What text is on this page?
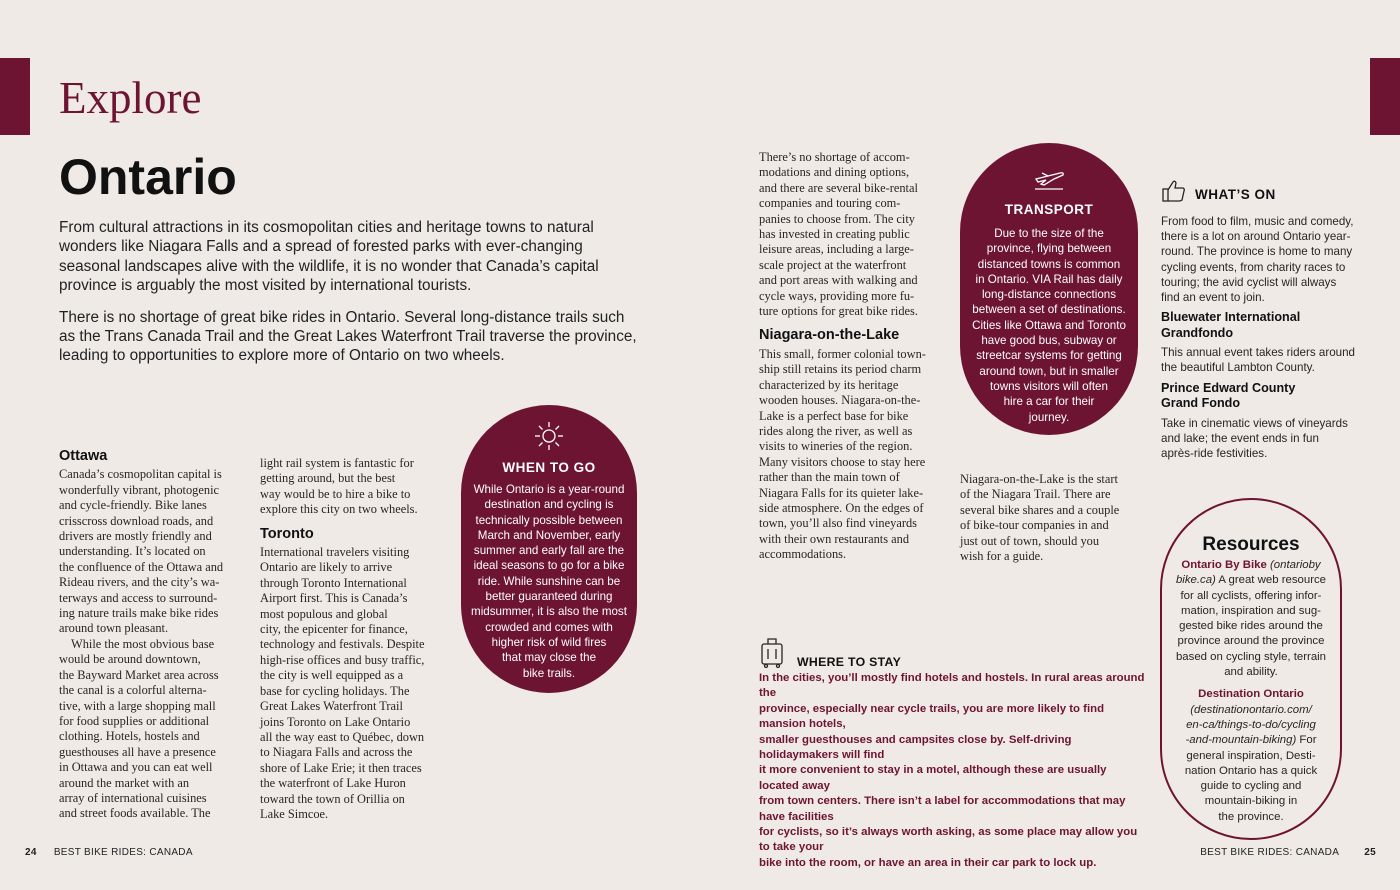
Explore
Ontario

From cultural attractions in its cosmopolitan cities and heritage towns to natural wonders like Niagara Falls and a spread of forested parks with ever-changing seasonal landscapes alive with the wildlife, it is no wonder that Canada’s capital province is arguably the most visited by international tourists.

There is no shortage of great bike rides in Ontario. Several long-distance trails such as the Trans Canada Trail and the Great Lakes Waterfront Trail traverse the province, leading to opportunities to explore more of Ontario on two wheels.

Ottawa
Canada’s cosmopolitan capital is
wonderfully vibrant, photogenic
and cycle-friendly. Bike lanes
crisscross download roads, and
drivers are mostly friendly and
understanding. It’s located on
the confluence of the Ottawa and
Rideau rivers, and the city’s wa-
terways and access to surround-
ing nature trails make bike rides
around town pleasant.
While the most obvious base
would be around downtown,
the Bayward Market area across
the canal is a colorful alterna-
tive, with a large shopping mall
for food supplies or additional
clothing. Hotels, hostels and
guesthouses all have a presence
in Ottawa and you can eat well
around the market with an
array of international cuisines
and street foods available. The
light rail system is fantastic for
getting around, but the best
way would be to hire a bike to
explore this city on two wheels.
Toronto
International travelers visiting
Ontario are likely to arrive
through Toronto International
Airport first. This is Canada’s
most populous and global
city, the epicenter for finance,
technology and festivals. Despite
high-rise offices and busy traffic,
the city is well equipped as a
base for cycling holidays. The
Great Lakes Waterfront Trail
joins Toronto on Lake Ontario
all the way east to Québec, down
to Niagara Falls and across the
shore of Lake Erie; it then traces
the waterfront of Lake Huron
toward the town of Orillia on
Lake Simcoe.
WHEN TO GO
While Ontario is a year-round
destination and cycling is
technically possible between
March and November, early
summer and early fall are the
ideal seasons to go for a bike
ride. While sunshine can be
better guaranteed during
midsummer, it is also the most
crowded and comes with
higher risk of wild fires
that may close the
bike trails.
There’s no shortage of accom-
modations and dining options,
and there are several bike-rental
companies and touring com-
panies to choose from. The city
has invested in creating public
leisure areas, including a large-
scale project at the waterfront
and port areas with walking and
cycle ways, providing more fu-
ture options for great bike rides.
Niagara-on-the-Lake
This small, former colonial town-
ship still retains its period charm
characterized by its heritage
wooden houses. Niagara-on-the-
Lake is a perfect base for bike
rides along the river, as well as
visits to wineries of the region.
Many visitors choose to stay here
rather than the main town of
Niagara Falls for its quieter lake-
side atmosphere. On the edges of
town, you’ll also find vineyards
with their own restaurants and
accommodations.
Niagara-on-the-Lake is the start
of the Niagara Trail. There are
several bike shares and a couple
of bike-tour companies in and
just out of town, should you
wish for a guide.
TRANSPORT
Due to the size of the
province, flying between
distanced towns is common
in Ontario. VIA Rail has daily
long-distance connections
between a set of destinations.
Cities like Ottawa and Toronto
have good bus, subway or
streetcar systems for getting
around town, but in smaller
towns visitors will often
hire a car for their
journey.
WHAT’S ON
From food to film, music and comedy,
there is a lot on around Ontario year-
round. The province is home to many
cycling events, from charity races to
touring; the avid cyclist will always
find an event to join.
Bluewater International
Grandfondo
This annual event takes riders around
the beautiful Lambton County.
Prince Edward County
Grand Fondo
Take in cinematic views of vineyards
and lake; the event ends in fun
après-ride festivities.
WHERE TO STAY
In the cities, you’ll mostly find hotels and hostels. In rural areas around the
province, especially near cycle trails, you are more likely to find mansion hotels,
smaller guesthouses and campsites close by. Self-driving holidaymakers will find
it more convenient to stay in a motel, although these are usually located away
from town centers. There isn’t a label for accommodations that may have facilities
for cyclists, so it’s always worth asking, as some place may allow you to take your
bike into the room, or have an area in their car park to lock up.
Resources
Ontario By Bike (ontarioby
bike.ca) A great web resource
for all cyclists, offering infor-
mation, inspiration and sug-
gested bike rides around the
province around the province
based on cycling style, terrain
and ability.
Destination Ontario
(destinationontario.com/
en-ca/things-to-do/cycling
-and-mountain-biking) For
general inspiration, Desti-
nation Ontario has a quick
guide to cycling and
mountain-biking in
the province.
24 BEST BIKE RIDES: CANADA	BEST BIKE RIDES: CANADA	25
